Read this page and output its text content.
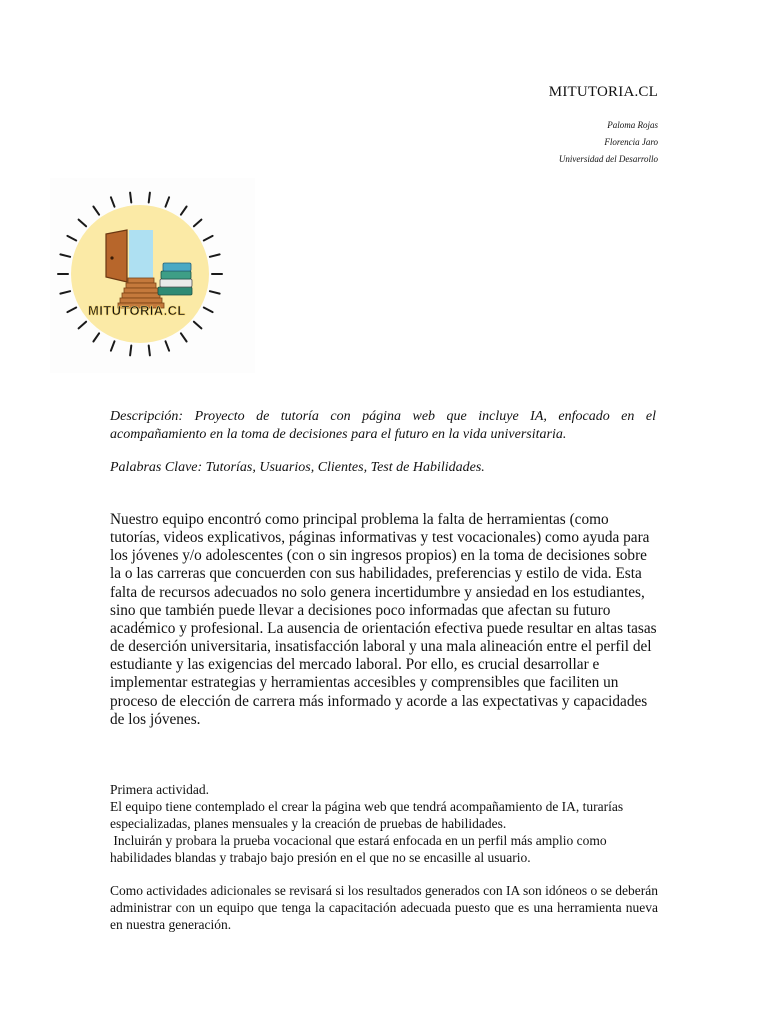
MITUTORIA.CL
Paloma Rojas
Florencia Jaro
Universidad del Desarrollo
MITUTORIA.CL
Descripción: Proyecto de tutoría con página web que incluye IA, enfocado en el acompañamiento en la toma de decisiones para el futuro en la vida universitaria.
Palabras Clave: Tutorías, Usuarios, Clientes, Test de Habilidades.
Nuestro equipo encontró como principal problema la falta de herramientas (como tutorías, videos explicativos, páginas informativas y test vocacionales) como ayuda para los jóvenes y/o adolescentes (con o sin ingresos propios) en la toma de decisiones sobre la o las carreras que concuerden con sus habilidades, preferencias y estilo de vida. Esta falta de recursos adecuados no solo genera incertidumbre y ansiedad en los estudiantes, sino que también puede llevar a decisiones poco informadas que afectan su futuro académico y profesional. La ausencia de orientación efectiva puede resultar en altas tasas de deserción universitaria, insatisfacción laboral y una mala alineación entre el perfil del estudiante y las exigencias del mercado laboral. Por ello, es crucial desarrollar e implementar estrategias y herramientas accesibles y comprensibles que faciliten un proceso de elección de carrera más informado y acorde a las expectativas y capacidades de los jóvenes.
Primera actividad.

El equipo tiene contemplado el crear la página web que tendrá acompañamiento de IA, turarías especializadas, planes mensuales y la creación de pruebas de habilidades.

Incluirán y probara la prueba vocacional que estará enfocada en un perfil más amplio como habilidades blandas y trabajo bajo presión en el que no se encasille al usuario.

Como actividades adicionales se revisará si los resultados generados con IA son idóneos o se deberán administrar con un equipo que tenga la capacitación adecuada puesto que es una herramienta nueva en nuestra generación.
